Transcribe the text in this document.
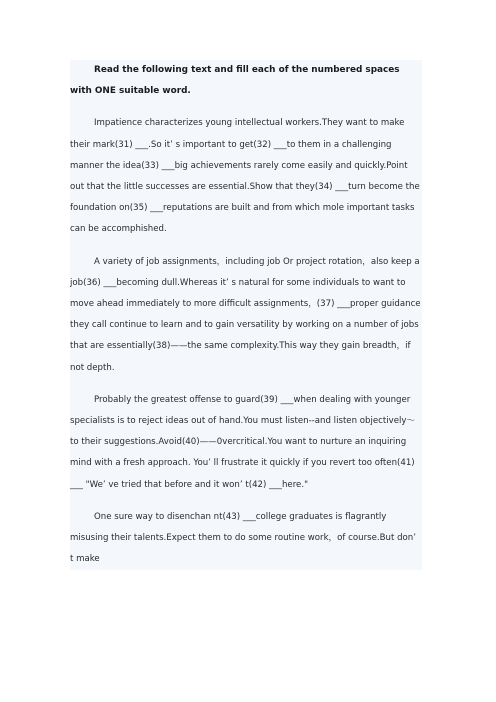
Read the following text and fill each of the numbered spaces with ONE suitable word.

Impatience characterizes young intellectual workers.They want to make their mark(31) ___.So it’ s important to get(32) ___to them in a challenging manner the idea(33) ___big achievements rarely come easily and quickly.Point out that the little successes are essential.Show that they(34) ___turn become the foundation on(35) ___reputations are built and from which mole important tasks can be accomphished.

A variety of job assignments，including job Or project rotation，also keep a job(36) ___becoming dull.Whereas it’ s natural for some individuals to want to move ahead immediately to more difficult assignments，(37) ___proper guidance they call continue to learn and to gain versatility by working on a number of jobs that are essentially(38)——the same complexity.This way they gain breadth，if not depth.

Probably the greatest offense to guard(39) ___when dealing with younger specialists is to reject ideas out of hand.You must listen--and listen objectively～to their suggestions.Avoid(40)——0vercritical.You want to nurture an inquiring mind with a fresh approach. You’ ll frustrate it quickly if you revert too often(41) ___ "We’ ve tried that before and it won’ t(42) ___here."

One sure way to disenchan nt(43) ___college graduates is flagrantly misusing their talents.Expect them to do some routine work，of course.But don’ t make
